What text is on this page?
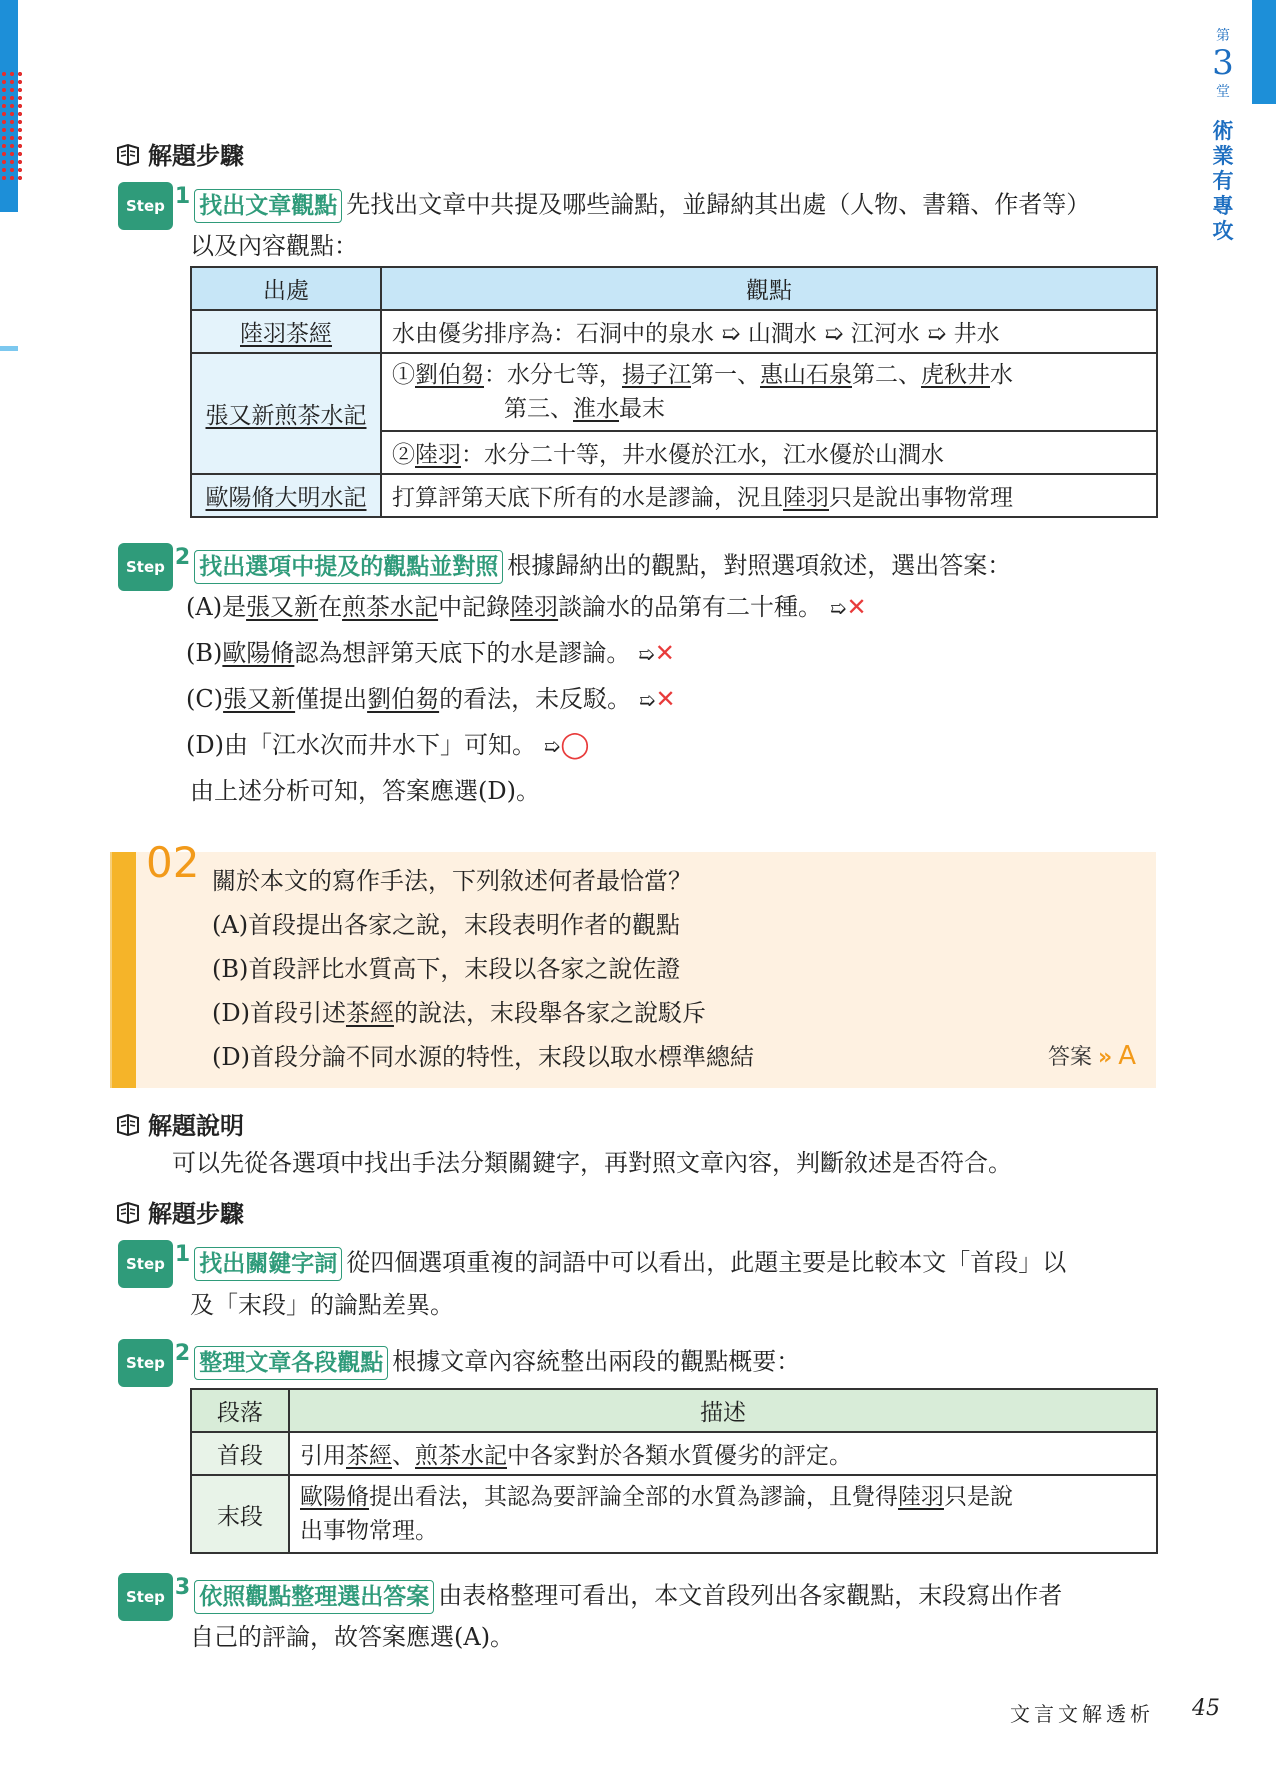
第
3
堂
術
業
有
專
攻
解題步驟
Step 1 找出文章觀點 先找出文章中共提及哪些論點，並歸納其出處（人物、書籍、作者等）
以及內容觀點：
出處	觀點
陸羽茶經	水由優劣排序為：石洞中的泉水 ➯ 山澗水 ➯ 江河水 ➯ 井水
張又新煎茶水記	➀劉伯芻：水分七等，揚子江第一、惠山石泉第二、虎秋井水
第三、淮水最末
	➁陸羽：水分二十等，井水優於江水，江水優於山澗水
歐陽脩大明水記	打算評第天底下所有的水是謬論，況且陸羽只是說出事物常理
Step 2 找出選項中提及的觀點並對照 根據歸納出的觀點，對照選項敘述，選出答案：
(A)是張又新在煎茶水記中記錄陸羽談論水的品第有二十種。 ➯✕
(B)歐陽脩認為想評第天底下的水是謬論。 ➯✕
(C)張又新僅提出劉伯芻的看法，未反駁。 ➯✕
(D)由「江水次而井水下」可知。 ➯◯
由上述分析可知，答案應選(D)。
02 關於本文的寫作手法，下列敘述何者最恰當？
(A)首段提出各家之說，末段表明作者的觀點
(B)首段評比水質高下，末段以各家之說佐證
(D)首段引述茶經的說法，末段舉各家之說駁斥
(D)首段分論不同水源的特性，末段以取水標準總結	答案 » A
解題說明
可以先從各選項中找出手法分類關鍵字，再對照文章內容，判斷敘述是否符合。
解題步驟
Step 1 找出關鍵字詞 從四個選項重複的詞語中可以看出，此題主要是比較本文「首段」以
及「末段」的論點差異。
Step 2 整理文章各段觀點 根據文章內容統整出兩段的觀點概要：
段落	描述
首段	引用茶經、煎茶水記中各家對於各類水質優劣的評定。
末段	歐陽脩提出看法，其認為要評論全部的水質為謬論，且覺得陸羽只是說
出事物常理。
Step 3 依照觀點整理選出答案 由表格整理可看出，本文首段列出各家觀點，末段寫出作者
自己的評論，故答案應選(A)。
文言文解透析 45
